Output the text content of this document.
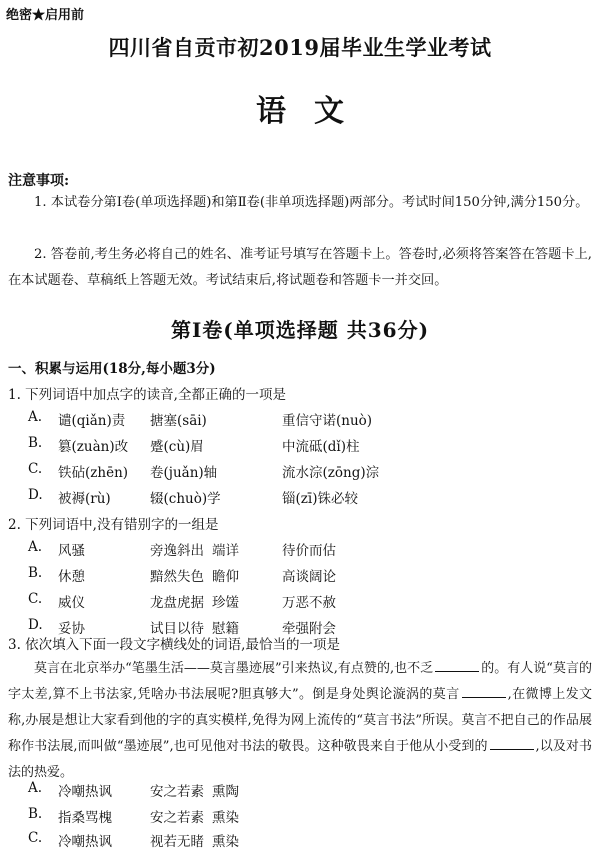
绝密★启用前
四川省自贡市初2019届毕业生学业考试
语文
注意事项:
1. 本试卷分第Ⅰ卷(单项选择题)和第Ⅱ卷(非单项选择题)两部分。考试时间150分钟,满分150分。
2. 答卷前,考生务必将自己的姓名、准考证号填写在答题卡上。答卷时,必须将答案答在答题卡上,在本试题卷、草稿纸上答题无效。考试结束后,将试题卷和答题卡一并交回。
第Ⅰ卷(单项选择题 共36分)
一、积累与运用(18分,每小题3分)
1. 下列词语中加点字的读音,全都正确的一项是
A. 谴(qiǎn)责 搪塞(sāi)	重信守诺(nuò)
B. 篡(zuàn)改 蹙(cù)眉	中流砥(dǐ)柱
C. 铁砧(zhēn) 卷(juǎn)轴	流水淙(zōng)淙
D. 被褥(rù)	辍(chuò)学	锱(zī)铢必较
2. 下列词语中,没有错别字的一组是
A. 风骚	旁逸斜出 端详	待价而估
B. 休憩	黯然失色 瞻仰	高谈阔论
C. 威仪	龙盘虎据 珍馐	万恶不赦
D. 妥协	试目以待 慰籍	牵强附会
3. 依次填入下面一段文字横线处的词语,最恰当的一项是
莫言在北京举办“笔墨生活——莫言墨迹展”引来热议,有点赞的,也不乏	的。有人说“莫言的字太差,算不上书法家,凭啥办书法展呢?胆真够大”。倒是身处舆论漩涡的莫言	,在微博上发文称,办展是想让大家看到他的字的真实模样,免得为网上流传的“莫言书法”所误。莫言不把自己的作品展称作书法展,而叫做“墨迹展”,也可见他对书法的敬畏。这种敬畏来自于他从小受到的	,以及对书法的热爱。
A. 冷嘲热讽	安之若素 熏陶
B. 指桑骂槐	安之若素 熏染
C. 冷嘲热讽	视若无睹 熏染
